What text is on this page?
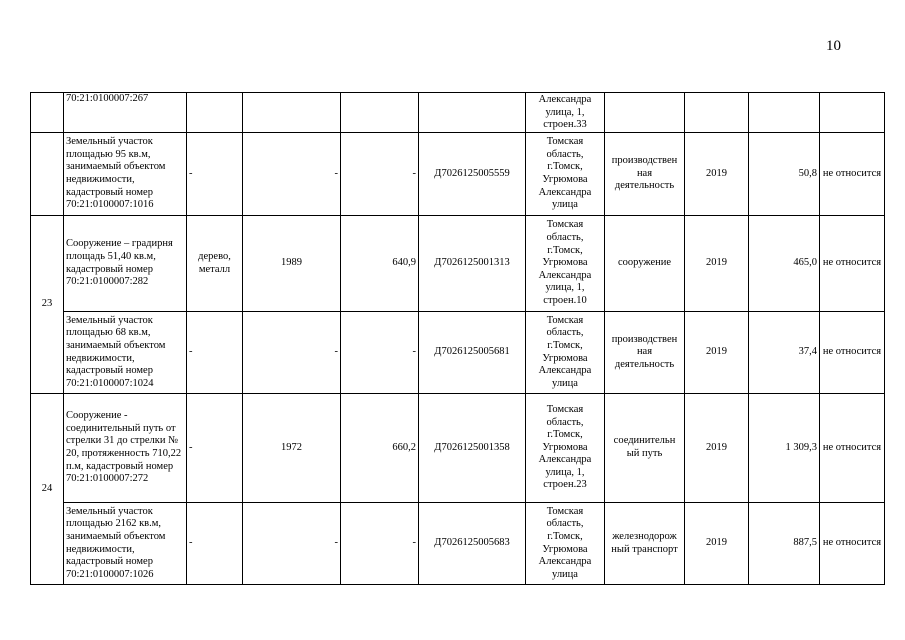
10
	70:21:0100007:267					Александра улица, 1, строен.33				
	Земельный участок площадью 95 кв.м, занимаемый объектом недвижимости, кадастровый номер 70:21:0100007:1016	-	-	-	Д7026125005559	Томская область, г.Томск, Угрюмова Александра улица	производствен ная деятельность	2019	50,8	не относится
23	Сооружение – градирня площадь 51,40 кв.м, кадастровый номер 70:21:0100007:282	дерево, металл	1989	640,9	Д7026125001313	Томская область, г.Томск, Угрюмова Александра улица, 1, строен.10	сооружение	2019	465,0	не относится
	Земельный участок площадью 68 кв.м, занимаемый объектом недвижимости, кадастровый номер 70:21:0100007:1024	-	-	-	Д7026125005681	Томская область, г.Томск, Угрюмова Александра улица	производствен ная деятельность	2019	37,4	не относится
24	Сооружение - соединительный путь от стрелки 31 до стрелки № 20, протяженность 710,22 п.м, кадастровый номер 70:21:0100007:272	-	1972	660,2	Д7026125001358	Томская область, г.Томск, Угрюмова Александра улица, 1, строен.23	соединительн ый путь	2019	1 309,3	не относится
	Земельный участок площадью 2162 кв.м, занимаемый объектом недвижимости, кадастровый номер 70:21:0100007:1026	-	-	-	Д7026125005683	Томская область, г.Томск, Угрюмова Александра улица	железнодорож ный транспорт	2019	887,5	не относится
